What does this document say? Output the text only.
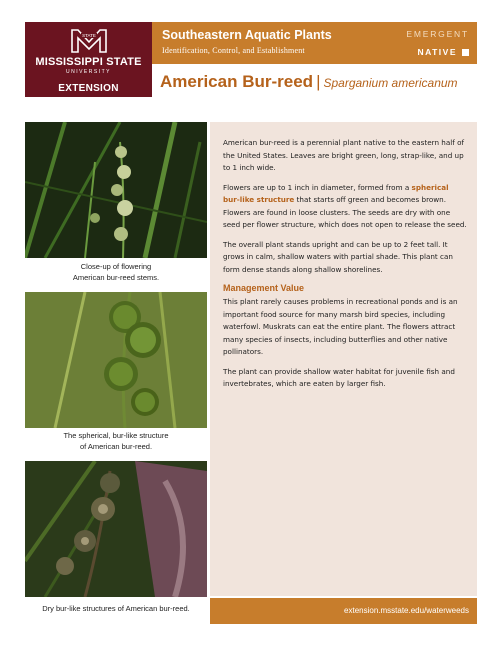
STATE
MISSISSIPPI STATE
UNIVERSITY
EXTENSION
Southeastern Aquatic Plants
Identification, Control, and Establishment
EMERGENT
NATIVE
American Bur-reed | Sparganium americanum
Close-up of flowering
American bur-reed stems.
The spherical, bur-like structure
of American bur-reed.
Dry bur-like structures of American bur-reed.

American bur-reed is a perennial plant native to the eastern half of the United States. Leaves are bright green, long, strap-like, and up to 1 inch wide.

Flowers are up to 1 inch in diameter, formed from a spherical bur-like structure that starts off green and becomes brown. Flowers are found in loose clusters. The seeds are dry with one seed per flower structure, which does not open to release the seed.

The overall plant stands upright and can be up to 2 feet tall. It grows in calm, shallow waters with partial shade. This plant can form dense stands along shallow shorelines.

Management Value

This plant rarely causes problems in recreational ponds and is an important food source for many marsh bird species, including waterfowl. Muskrats can eat the entire plant. The flowers attract many species of insects, including butterflies and other native pollinators.

The plant can provide shallow water habitat for juvenile fish and invertebrates, which are eaten by larger fish.

extension.msstate.edu/waterweeds
